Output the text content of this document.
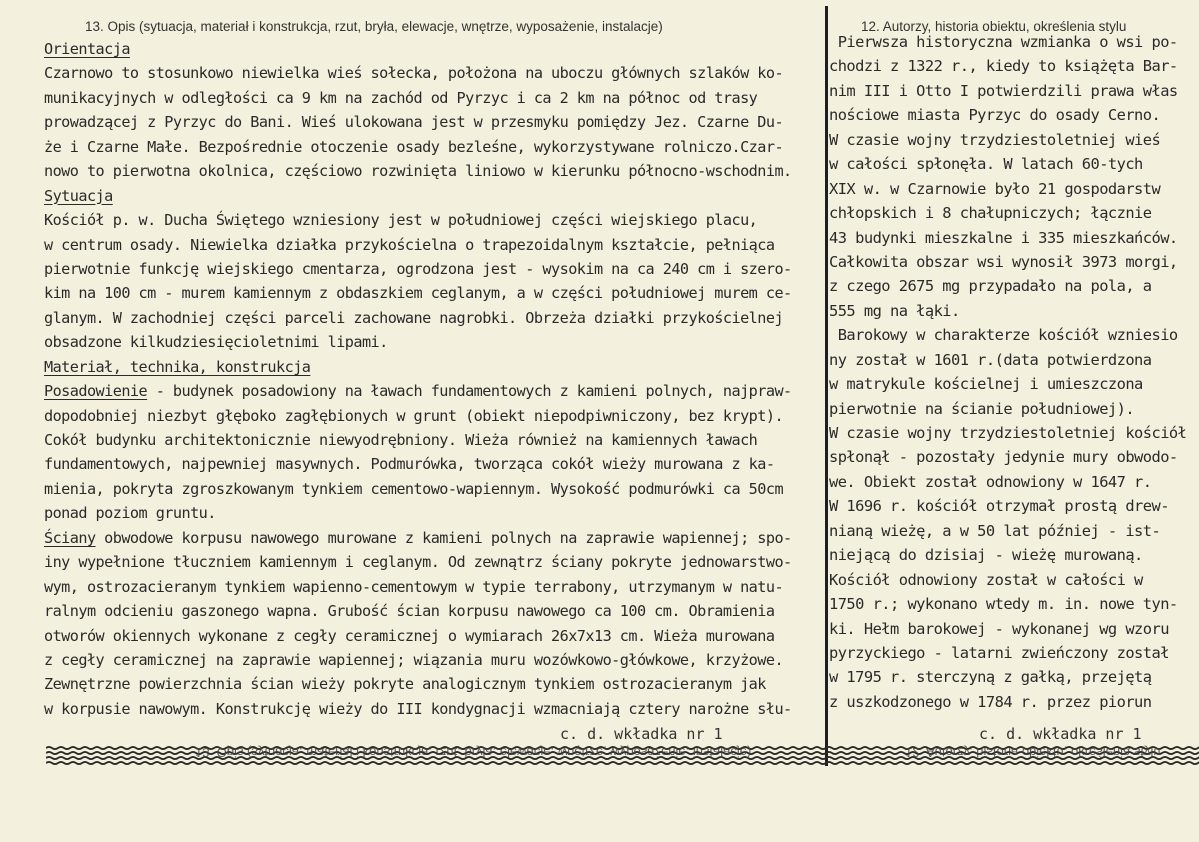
13. Opis (sytuacja, materiał i konstrukcja, rzut, bryła, elewacje, wnętrze, wyposażenie, instalacje)
Orientacja
Czarnowo to stosunkowo niewielka wieś sołecka, położona na uboczu głównych szlaków ko-
munikacyjnych w odległości ca 9 km na zachód od Pyrzyc i ca 2 km na północ od trasy
prowadzącej z Pyrzyc do Bani. Wieś ulokowana jest w przesmyku pomiędzy Jez. Czarne Du-
że i Czarne Małe. Bezpośrednie otoczenie osady bezleśne, wykorzystywane rolniczo.Czar-
nowo to pierwotna okolnica, częściowo rozwinięta liniowo w kierunku północno-wschodnim.
Sytuacja
Kościół p. w. Ducha Świętego wzniesiony jest w południowej części wiejskiego placu,
w centrum osady. Niewielka działka przykościelna o trapezoidalnym kształcie, pełniąca
pierwotnie funkcję wiejskiego cmentarza, ogrodzona jest - wysokim na ca 240 cm i szero-
kim na 100 cm - murem kamiennym z obdaszkiem ceglanym, a w części południowej murem ce-
glanym. W zachodniej części parceli zachowane nagrobki. Obrzeża działki przykościelnej
obsadzone kilkudziesięcioletnimi lipami.
Materiał, technika, konstrukcja
Posadowienie - budynek posadowiony na ławach fundamentowych z kamieni polnych, najpraw-
dopodobniej niezbyt głęboko zagłębionych w grunt (obiekt niepodpiwniczony, bez krypt).
Cokół budynku architektonicznie niewyodrębniony. Wieża również na kamiennych ławach
fundamentowych, najpewniej masywnych. Podmurówka, tworząca cokół wieży murowana z ka-
mienia, pokryta zgroszkowanym tynkiem cementowo-wapiennym. Wysokość podmurówki ca 50cm
ponad poziom gruntu.
Ściany obwodowe korpusu nawowego murowane z kamieni polnych na zaprawie wapiennej; spo-
iny wypełnione tłuczniem kamiennym i ceglanym. Od zewnątrz ściany pokryte jednowarstwo-
wym, ostrozacieranym tynkiem wapienno-cementowym w typie terrabony, utrzymanym w natu-
ralnym odcieniu gaszonego wapna. Grubość ścian korpusu nawowego ca 100 cm. Obramienia
otworów okiennych wykonane z cegły ceramicznej o wymiarach 26x7x13 cm. Wieża murowana
z cegły ceramicznej na zaprawie wapiennej; wiązania muru wozówkowo-główkowe, krzyżowe.
Zewnętrzne powierzchnia ścian wieży pokryte analogicznym tynkiem ostrozacieranym jak
w korpusie nawowym. Konstrukcję wieży do III kondygnacji wzmacniają cztery narożne słu-
c. d. wkładka nr 1
12. Autorzy, historia obiektu, określenia stylu
Pierwsza historyczna wzmianka o wsi po-
chodzi z 1322 r., kiedy to książęta Bar-
nim III i Otto I potwierdzili prawa włas
nościowe miasta Pyrzyc do osady Cerno.
W czasie wojny trzydziestoletniej wieś
w całości spłonęła. W latach 60-tych
XIX w. w Czarnowie było 21 gospodarstw
chłopskich i 8 chałupniczych; łącznie
43 budynki mieszkalne i 335 mieszkańców.
Całkowita obszar wsi wynosił 3973 morgi,
z czego 2675 mg przypadało na pola, a
555 mg na łąki.
Barokowy w charakterze kościół wzniesio
ny został w 1601 r.(data potwierdzona
w matrykule kościelnej i umieszczona
pierwotnie na ścianie południowej).
W czasie wojny trzydziestoletniej kościół
spłonął - pozostały jedynie mury obwodo-
we. Obiekt został odnowiony w 1647 r.
W 1696 r. kościół otrzymał prostą drew-
nianą wieżę, a w 50 lat później - ist-
niejącą do dzisiaj - wieżę murowaną.
Kościół odnowiony został w całości w
1750 r.; wykonano wtedy m. in. nowe tyn-
ki. Hełm barokowej - wykonanej wg wzoru
pyrzyckiego - latarni zwieńczony został
w 1795 r. sterczyną z gałką, przejętą
z uszkodzonego w 1784 r. przez piorun
c. d. wkładka nr 1
13. Opis (sytuacja, materiał i konstrukcja, rzut, bryła, elewacje, wnętrze, wyposażenie, instalacje)	12. Autorzy, historia obiektu, określenia stylu
